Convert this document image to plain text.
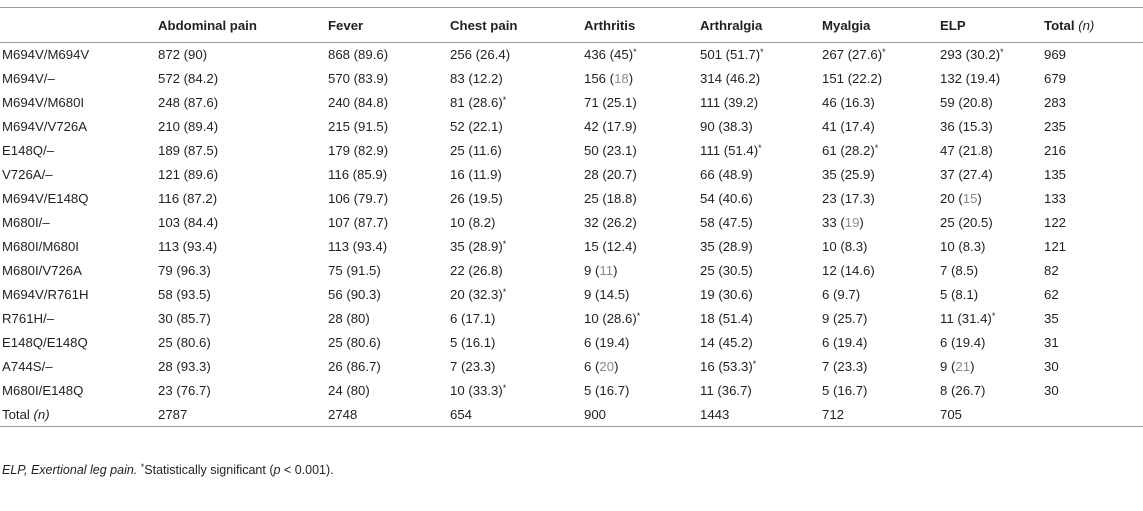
	Abdominal pain	Fever	Chest pain	Arthritis	Arthralgia	Myalgia	ELP	Total (n)
M694V/M694V	872 (90)	868 (89.6)	256 (26.4)	436 (45)*	501 (51.7)*	267 (27.6)*	293 (30.2)*	969
M694V/–	572 (84.2)	570 (83.9)	83 (12.2)	156 (18)	314 (46.2)	151 (22.2)	132 (19.4)	679
M694V/M680I	248 (87.6)	240 (84.8)	81 (28.6)*	71 (25.1)	111 (39.2)	46 (16.3)	59 (20.8)	283
M694V/V726A	210 (89.4)	215 (91.5)	52 (22.1)	42 (17.9)	90 (38.3)	41 (17.4)	36 (15.3)	235
E148Q/–	189 (87.5)	179 (82.9)	25 (11.6)	50 (23.1)	111 (51.4)*	61 (28.2)*	47 (21.8)	216
V726A/–	121 (89.6)	116 (85.9)	16 (11.9)	28 (20.7)	66 (48.9)	35 (25.9)	37 (27.4)	135
M694V/E148Q	116 (87.2)	106 (79.7)	26 (19.5)	25 (18.8)	54 (40.6)	23 (17.3)	20 (15)	133
M680I/–	103 (84.4)	107 (87.7)	10 (8.2)	32 (26.2)	58 (47.5)	33 (19)	25 (20.5)	122
M680I/M680I	113 (93.4)	113 (93.4)	35 (28.9)*	15 (12.4)	35 (28.9)	10 (8.3)	10 (8.3)	121
M680I/V726A	79 (96.3)	75 (91.5)	22 (26.8)	9 (11)	25 (30.5)	12 (14.6)	7 (8.5)	82
M694V/R761H	58 (93.5)	56 (90.3)	20 (32.3)*	9 (14.5)	19 (30.6)	6 (9.7)	5 (8.1)	62
R761H/–	30 (85.7)	28 (80)	6 (17.1)	10 (28.6)*	18 (51.4)	9 (25.7)	11 (31.4)*	35
E148Q/E148Q	25 (80.6)	25 (80.6)	5 (16.1)	6 (19.4)	14 (45.2)	6 (19.4)	6 (19.4)	31
A744S/–	28 (93.3)	26 (86.7)	7 (23.3)	6 (20)	16 (53.3)*	7 (23.3)	9 (21)	30
M680I/E148Q	23 (76.7)	24 (80)	10 (33.3)*	5 (16.7)	11 (36.7)	5 (16.7)	8 (26.7)	30
Total (n)	2787	2748	654	900	1443	712	705	
ELP, Exertional leg pain. *Statistically significant (p < 0.001).
